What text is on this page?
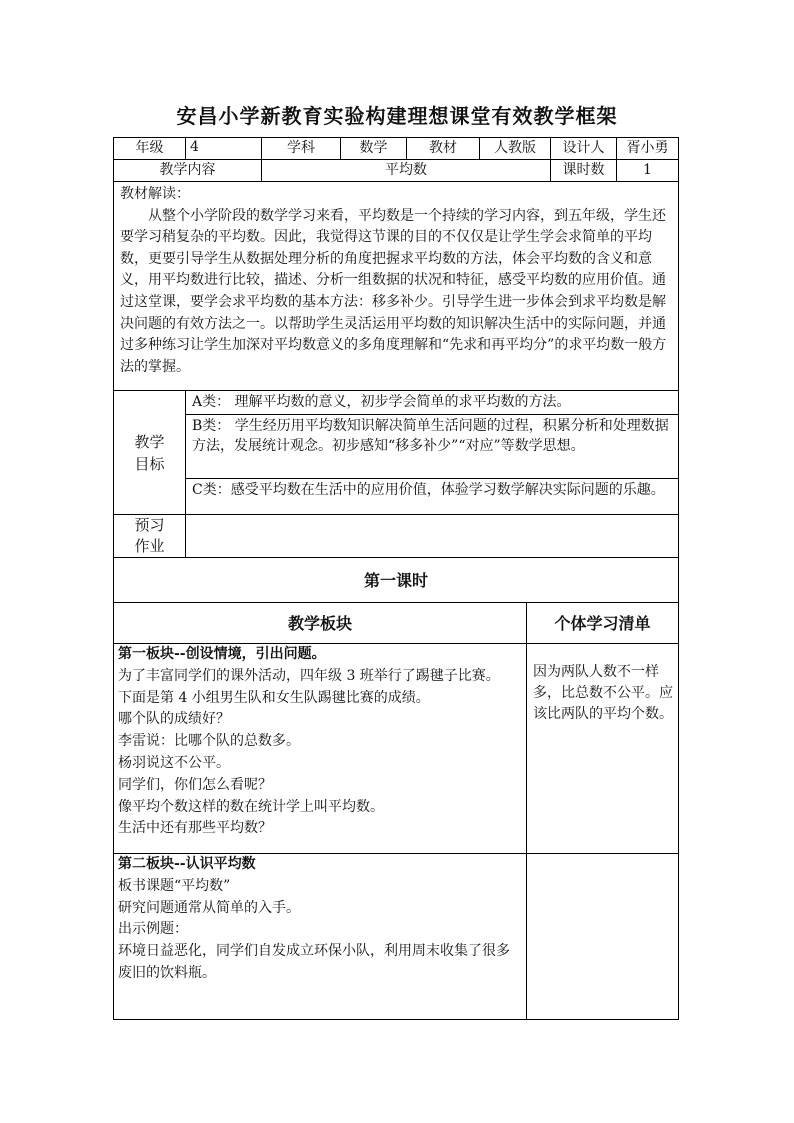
安昌小学新教育实验构建理想课堂有效教学框架
年级	4	学科	数学	教材	人教版	设计人	胥小勇
教学内容	平均数	课时数	1

教材解读：

从整个小学阶段的数学学习来看，平均数是一个持续的学习内容，到五年级，学生还要学习稍复杂的平均数。因此，我觉得这节课的目的不仅仅是让学生学会求简单的平均数，更要引导学生从数据处理分析的角度把握求平均数的方法，体会平均数的含义和意义，用平均数进行比较，描述、分析一组数据的状况和特征，感受平均数的应用价值。通过这堂课，要学会求平均数的基本方法：移多补少。引导学生进一步体会到求平均数是解决问题的有效方法之一。以帮助学生灵活运用平均数的知识解决生活中的实际问题，并通过多种练习让学生加深对平均数意义的多角度理解和“先求和再平均分”的求平均数一般方法的掌握。

教学
目标
A类： 理解平均数的意义，初步学会简单的求平均数的方法。
B类： 学生经历用平均数知识解决简单生活问题的过程，积累分析和处理数据方法，发展统计观念。初步感知“移多补少”“对应”等数学思想。
C类：感受平均数在生活中的应用价值，体验学习数学解决实际问题的乐趣。
预习
作业
第一课时
教学板块	个体学习清单
第一板块--创设情境，引出问题。
为了丰富同学们的课外活动，四年级 3 班举行了踢毽子比赛。
下面是第 4 小组男生队和女生队踢毽比赛的成绩。
哪个队的成绩好？
李雷说：比哪个队的总数多。
杨羽说这不公平。
同学们，你们怎么看呢？
像平均个数这样的数在统计学上叫平均数。
生活中还有那些平均数？
因为两队人数不一样多，比总数不公平。应该比两队的平均个数。
第二板块--认识平均数
板书课题“平均数”
研究问题通常从简单的入手。
出示例题：
环境日益恶化，同学们自发成立环保小队，利用周末收集了很多废旧的饮料瓶。
